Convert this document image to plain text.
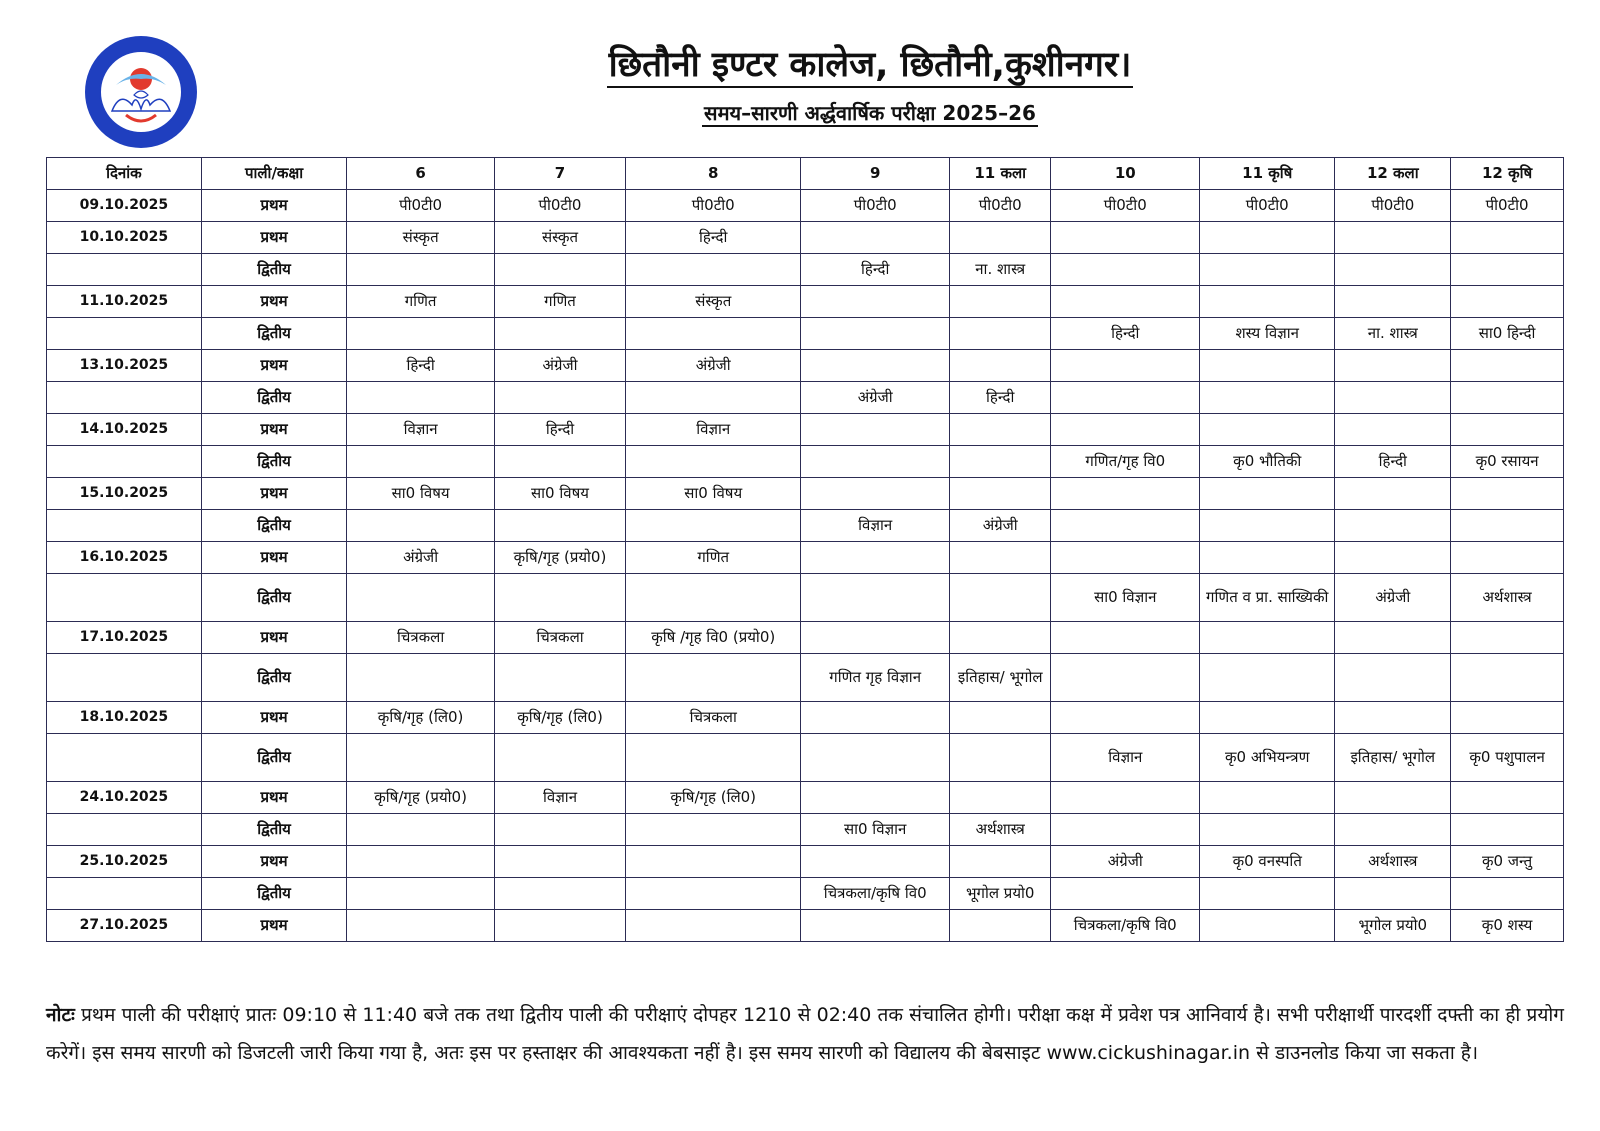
छितौनी इण्टर कालेज, छितौनी,कुशीनगर।
समय–सारणी अर्द्धवार्षिक परीक्षा 2025–26
दिनांक	पाली/कक्षा	6	7	8	9	11 कला	10	11 कृषि	12 कला	12 कृषि
09.10.2025	प्रथम	पी0टी0	पी0टी0	पी0टी0	पी0टी0	पी0टी0	पी0टी0	पी0टी0	पी0टी0	पी0टी0
10.10.2025	प्रथम	संस्कृत	संस्कृत	हिन्दी						
	द्वितीय				हिन्दी	ना. शास्त्र				
11.10.2025	प्रथम	गणित	गणित	संस्कृत						
	द्वितीय						हिन्दी	शस्य विज्ञान	ना. शास्त्र	सा0 हिन्दी
13.10.2025	प्रथम	हिन्दी	अंग्रेजी	अंग्रेजी						
	द्वितीय				अंग्रेजी	हिन्दी				
14.10.2025	प्रथम	विज्ञान	हिन्दी	विज्ञान						
	द्वितीय						गणित/गृह वि0	कृ0 भौतिकी	हिन्दी	कृ0 रसायन
15.10.2025	प्रथम	सा0 विषय	सा0 विषय	सा0 विषय						
	द्वितीय				विज्ञान	अंग्रेजी				
16.10.2025	प्रथम	अंग्रेजी	कृषि/गृह (प्रयो0)	गणित						
	द्वितीय						सा0 विज्ञान	गणित व प्रा. साख्यिकी	अंग्रेजी	अर्थशास्त्र
17.10.2025	प्रथम	चित्रकला	चित्रकला	कृषि /गृह वि0 (प्रयो0)						
	द्वितीय				गणित गृह विज्ञान	इतिहास/ भूगोल				
18.10.2025	प्रथम	कृषि/गृह (लि0)	कृषि/गृह (लि0)	चित्रकला						
	द्वितीय						विज्ञान	कृ0 अभियन्त्रण	इतिहास/ भूगोल	कृ0 पशुपालन
24.10.2025	प्रथम	कृषि/गृह (प्रयो0)	विज्ञान	कृषि/गृह (लि0)						
	द्वितीय				सा0 विज्ञान	अर्थशास्त्र				
25.10.2025	प्रथम						अंग्रेजी	कृ0 वनस्पति	अर्थशास्त्र	कृ0 जन्तु
	द्वितीय				चित्रकला/कृषि वि0	भूगोल प्रयो0				
27.10.2025	प्रथम						चित्रकला/कृषि वि0		भूगोल प्रयो0	कृ0 शस्य
नोटः प्रथम पाली की परीक्षाएं प्रातः 09:10 से 11:40 बजे तक तथा द्वितीय पाली की परीक्षाएं दोपहर 1210 से 02:40 तक संचालित होगी। परीक्षा कक्ष में प्रवेश पत्र आनिवार्य है। सभी परीक्षार्थी पारदर्शी दफ्ती का ही प्रयोग करेगें। इस समय सारणी को डिजटली जारी किया गया है, अतः इस पर हस्ताक्षर की आवश्यकता नहीं है। इस समय सारणी को विद्यालय की बेबसाइट www.cickushinagar.in से डाउनलोड किया जा सकता है।
